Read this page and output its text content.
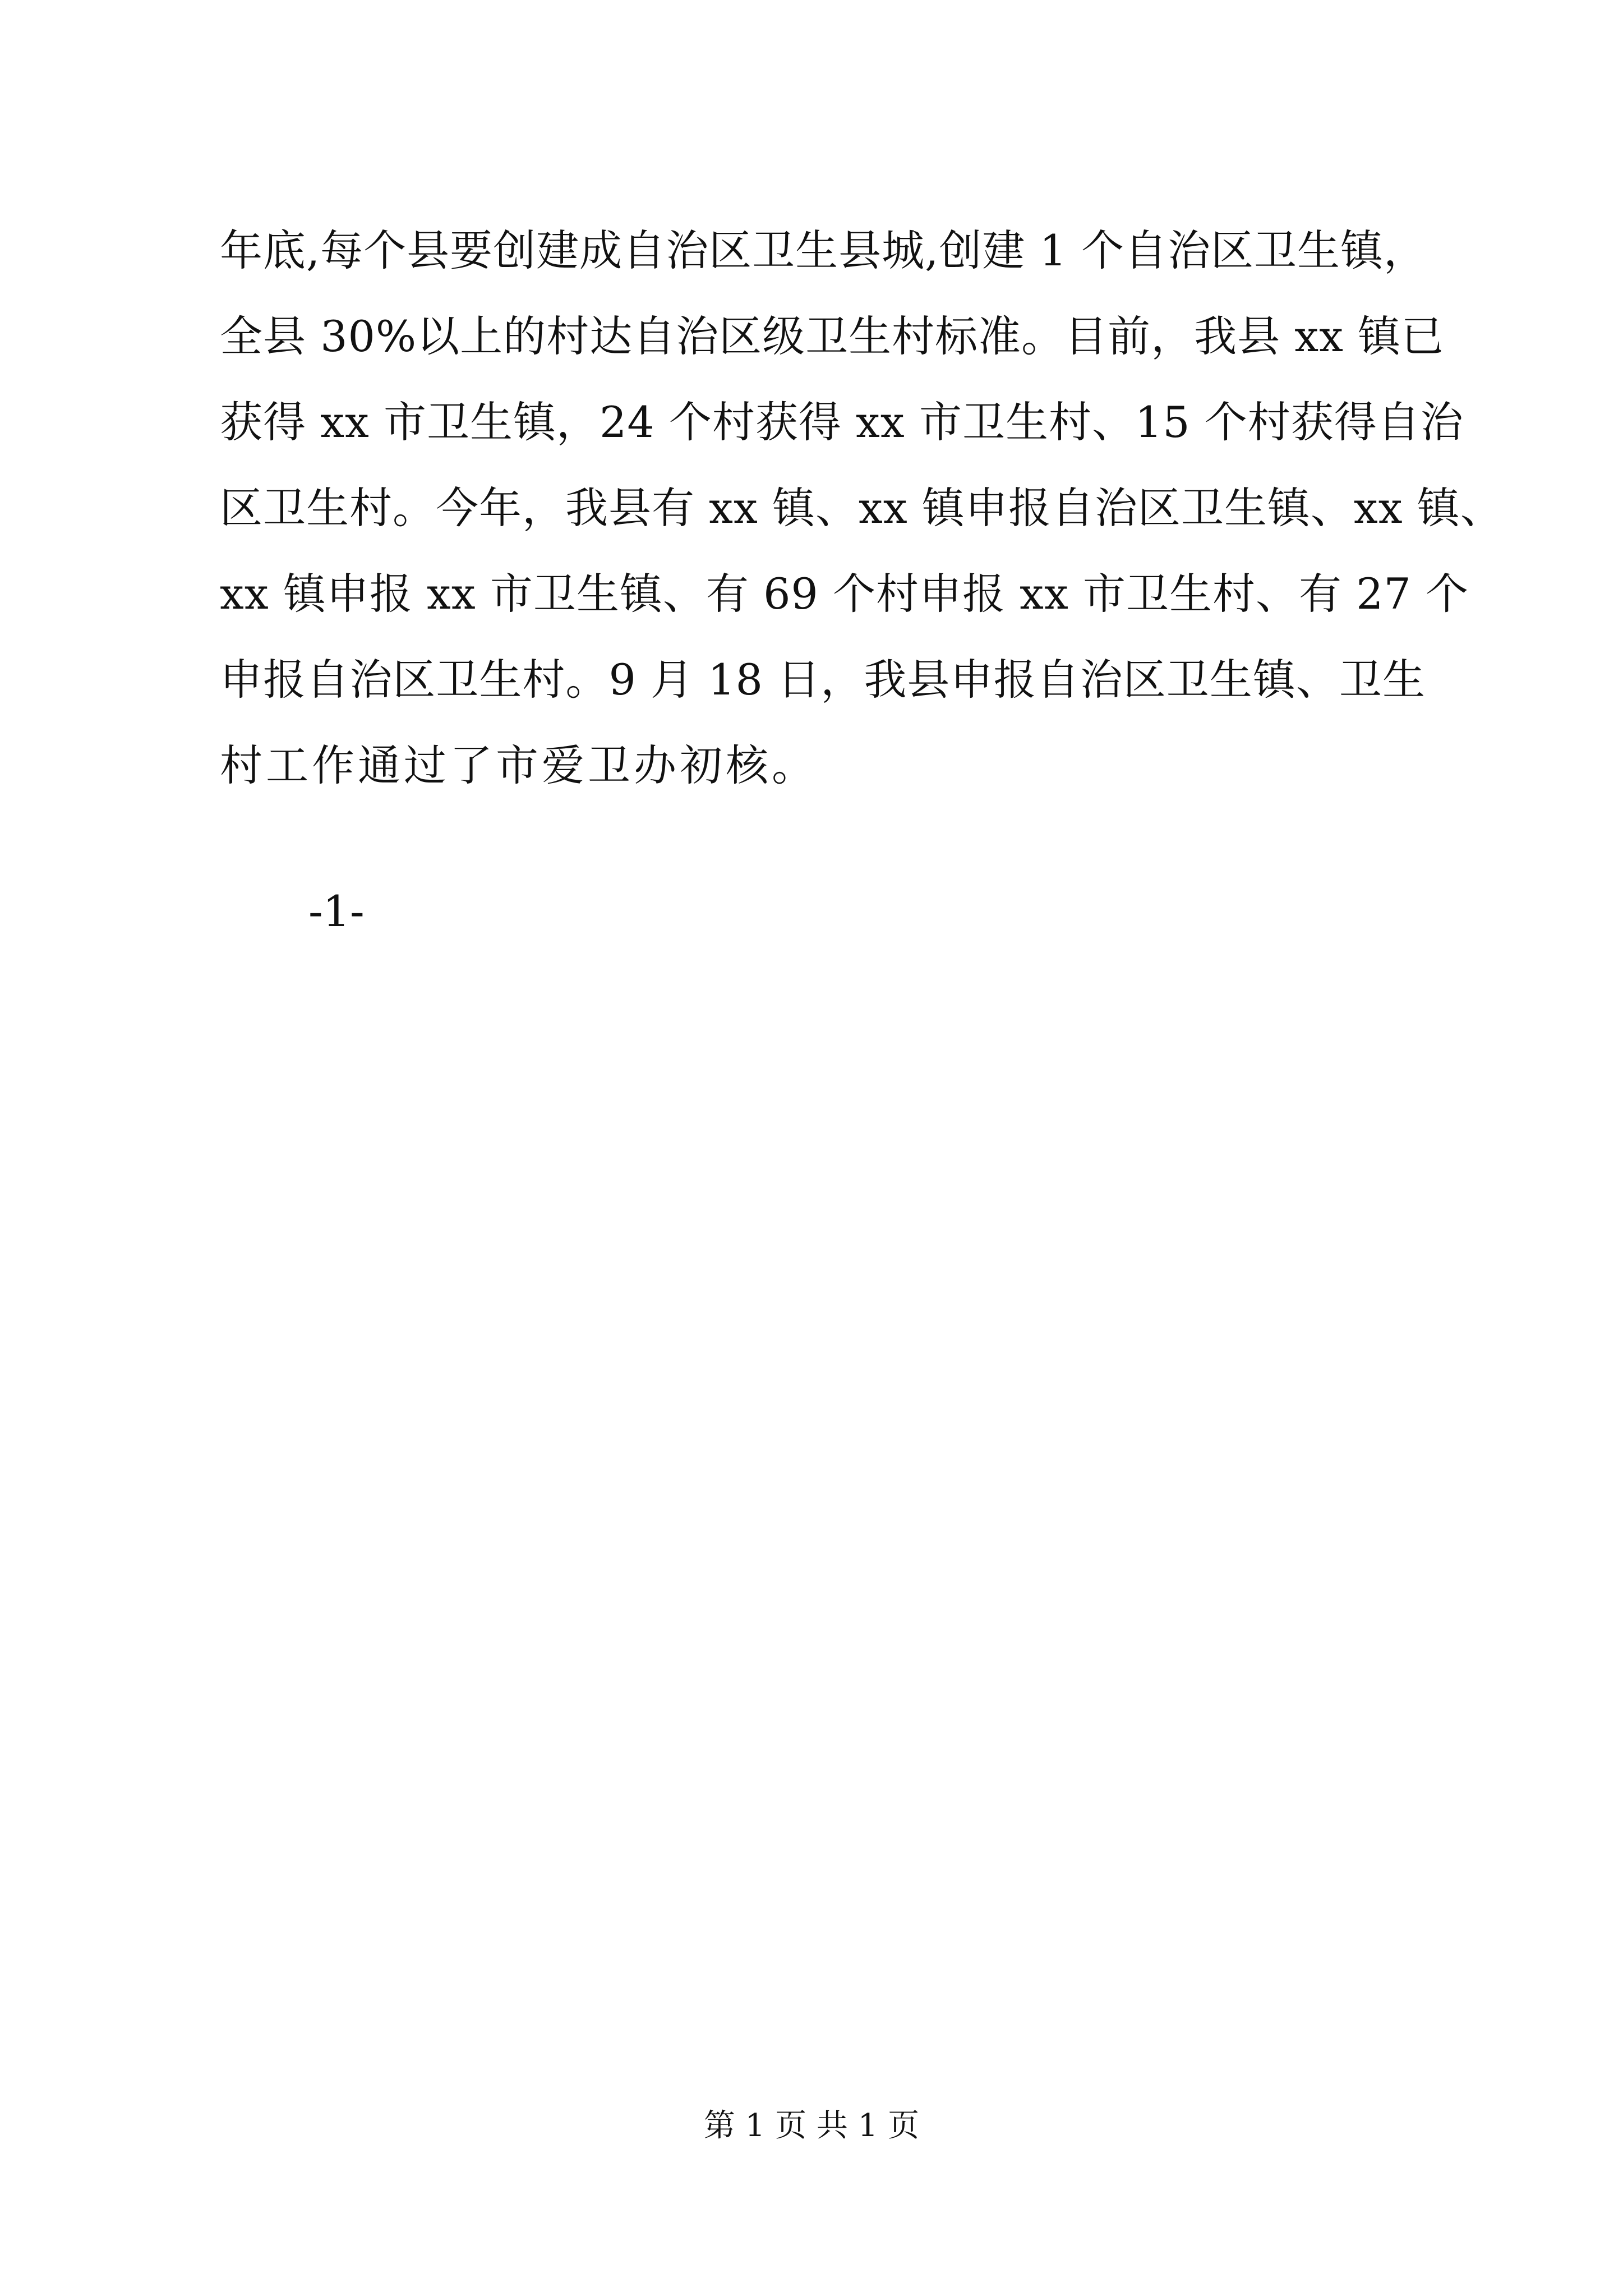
年底,每个县要创建成自治区卫生县城,创建 1 个自治区卫生镇，
全县 30%以上的村达自治区级卫生村标准。目前，我县 xx 镇已
获得 xx 市卫生镇，24 个村获得 xx 市卫生村、15 个村获得自治
区卫生村。今年，我县有 xx 镇、xx 镇申报自治区卫生镇、xx 镇、
xx 镇申报 xx 市卫生镇、有 69 个村申报 xx 市卫生村、有 27 个
申报自治区卫生村。9 月 18 日，我县申报自治区卫生镇、卫生
村工作通过了市爱卫办初核。
-1-
第 1 页 共 1 页
